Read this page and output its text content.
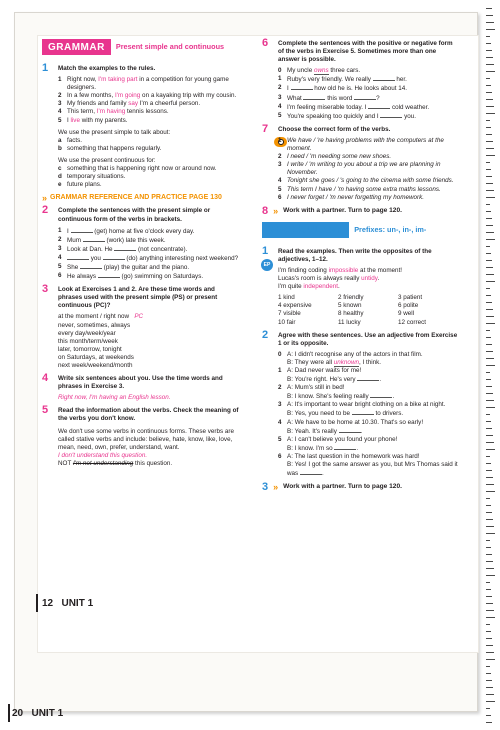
GRAMMAR	Present simple and continuous
1 Match the examples to the rules.
1 Right now, I'm taking part in a competition for young game designers.
2 In a few months, I'm going on a kayaking trip with my cousin.
3 My friends and family say I'm a cheerful person.
4 This term, I'm having tennis lessons.
5 I live with my parents.
We use the present simple to talk about:
a facts.
b something that happens regularly.
We use the present continuous for:
c something that is happening right now or around now.
d temporary situations.
e future plans.
» GRAMMAR REFERENCE AND PRACTICE PAGE 130
2 Complete the sentences with the present simple or continuous form of the verbs in brackets.
1 I	(get) home at five o'clock every day.
2 Mum	(work) late this week.
3 Look at Dan. He	(not concentrate).
4	you	(do) anything interesting next weekend?
5 She	(play) the guitar and the piano.
6 He always	(go) swimming on Saturdays.
3 Look at Exercises 1 and 2. Are these time words and phrases used with the present simple (PS) or present continuous (PC)?
at the moment / right now PC
never, sometimes, always
every day/week/year
this month/term/week
later, tomorrow, tonight
on Saturdays, at weekends
next week/weekend/month
4 Write six sentences about you. Use the time words and phrases in Exercise 3.
Right now, I'm having an English lesson.
5 Read the information about the verbs. Check the meaning of the verbs you don't know.
We don't use some verbs in continuous forms. These verbs are called stative verbs and include: believe, hate, know, like, love, mean, need, own, prefer, understand, want.
I don't understand this question.
NOT I'm not understanding this question.
6 Complete the sentences with the positive or negative form of the verbs in Exercise 5. Sometimes more than one answer is possible.
0 My uncle owns three cars.
1 Ruby's very friendly. We really	her.
2 I	how old he is. He looks about 14.
3 What	this word	?
4 I'm feeling miserable today. I	cold weather.
5 You're speaking too quickly and I	you.
7 Choose the correct form of the verbs.
1 We have / 're having problems with the computers at the moment.
2 I need / 'm needing some new shoes.
3 I write / 'm writing to you about a trip we are planning in November.
4 Tonight she goes / 's going to the cinema with some friends.
5 This term I have / 'm having some extra maths lessons.
6 I never forget / 'm never forgetting my homework.
8 » Work with a partner. Turn to page 120.
VOCABULARY	Prefixes: un-, in-, im-
1
EP
Read the examples. Then write the opposites of the adjectives, 1–12.
I'm finding coding impossible at the moment!
Lucas's room is always really untidy.
I'm quite independent.
1 kind	2 friendly	3 patient
4 expensive	5 known	6 polite
7 visible	8 healthy	9 well
10 fair	11 lucky	12 correct
2 Agree with these sentences. Use an adjective from Exercise 1 or its opposite.
0 A: I didn't recognise any of the actors in that film.
B: They were all unknown, I think.
1 A: Dad never waits for me!
B: You're right. He's very	.
2 A: Mum's still in bed!
B: I know. She's feeling really	.
3 A: It's important to wear bright clothing on a bike at night.
B: Yes, you need to be	to drivers.
4 A: We have to be home at 10.30. That's so early!
B: Yeah. It's really	.
5 A: I can't believe you found your phone!
B: I know. I'm so	.
6 A: The last question in the homework was hard!
B: Yes! I got the same answer as you, but Mrs Thomas said it was	.
3 » Work with a partner. Turn to page 120.
12 UNIT 1
20 UNIT 1
